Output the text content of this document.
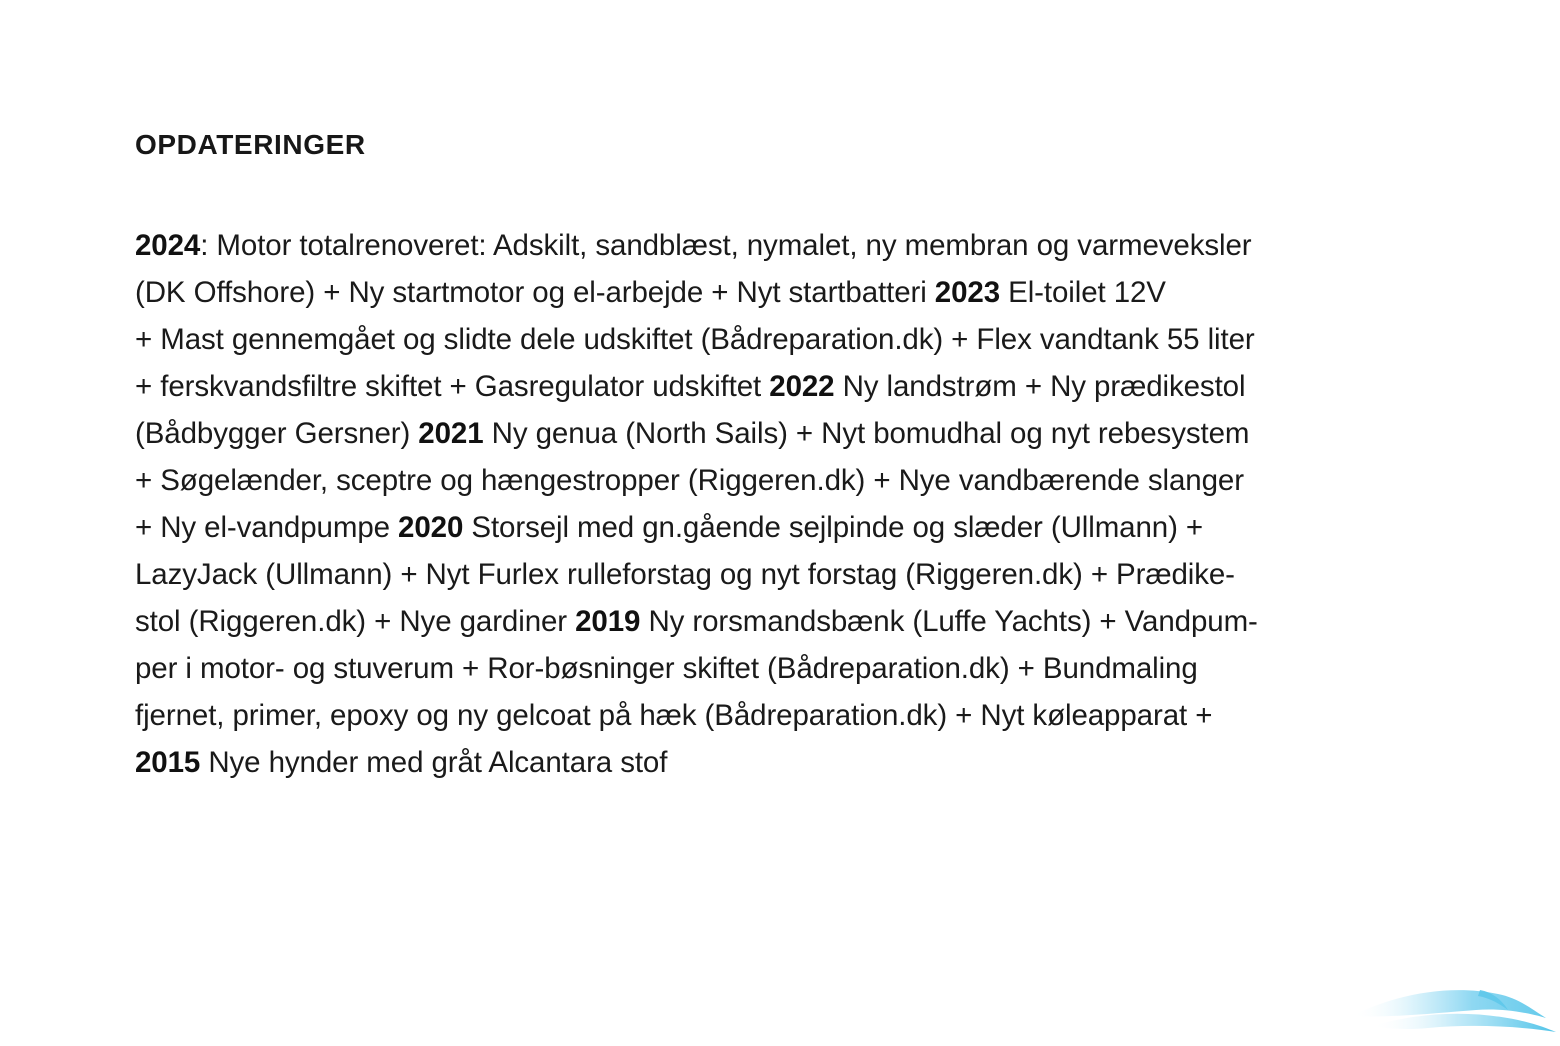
OPDATERINGER
2024: Motor totalrenoveret: Adskilt, sandblæst, nymalet, ny membran og varmeveksler
(DK Offshore) + Ny startmotor og el-arbejde + Nyt startbatteri 2023 El-toilet 12V
+ Mast gennemgået og slidte dele udskiftet (Bådreparation.dk) + Flex vandtank 55 liter
+ ferskvandsfiltre skiftet + Gasregulator udskiftet 2022 Ny landstrøm + Ny prædikestol
(Bådbygger Gersner) 2021 Ny genua (North Sails) + Nyt bomudhal og nyt rebesystem
+ Søgelænder, sceptre og hængestropper (Riggeren.dk) + Nye vandbærende slanger
+ Ny el-vandpumpe 2020 Storsejl med gn.gående sejlpinde og slæder (Ullmann) +
LazyJack (Ullmann) + Nyt Furlex rulleforstag og nyt forstag (Riggeren.dk) + Prædike-
stol (Riggeren.dk) + Nye gardiner 2019 Ny rorsmandsbænk (Luffe Yachts) + Vandpum-
per i motor- og stuverum + Ror-bøsninger skiftet (Bådreparation.dk) + Bundmaling
fjernet, primer, epoxy og ny gelcoat på hæk (Bådreparation.dk) + Nyt køleapparat +
2015 Nye hynder med gråt Alcantara stof
